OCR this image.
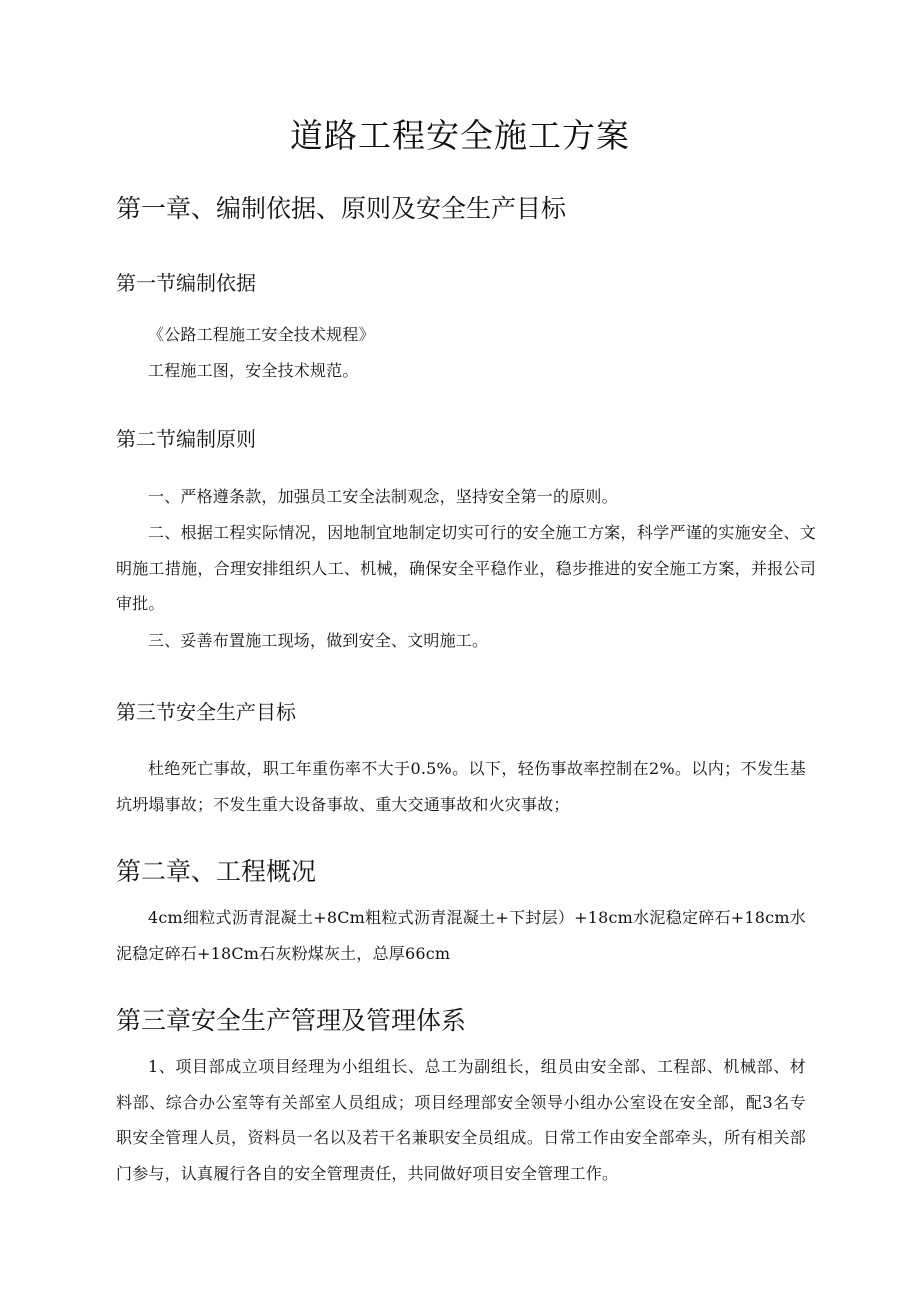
道路工程安全施工方案
第一章、编制依据、原则及安全生产目标
第一节编制依据

《公路工程施工安全技术规程》

工程施工图，安全技术规范。

第二节编制原则

一、严格遵条款，加强员工安全法制观念，坚持安全第一的原则。

二、根据工程实际情况，因地制宜地制定切实可行的安全施工方案，科学严谨的实施安全、文明施工措施，合理安排组织人工、机械，确保安全平稳作业，稳步推进的安全施工方案，并报公司审批。

三、妥善布置施工现场，做到安全、文明施工。

第三节安全生产目标

杜绝死亡事故，职工年重伤率不大于0.5%。以下，轻伤事故率控制在2%。以内；不发生基坑坍塌事故；不发生重大设备事故、重大交通事故和火灾事故；

第二章、工程概况

4cm细粒式沥青混凝土+8Cm粗粒式沥青混凝土+下封层）+18cm水泥稳定碎石+18cm水泥稳定碎石+18Cm石灰粉煤灰土，总厚66cm

第三章安全生产管理及管理体系

1、项目部成立项目经理为小组组长、总工为副组长，组员由安全部、工程部、机械部、材料部、综合办公室等有关部室人员组成；项目经理部安全领导小组办公室设在安全部，配3名专职安全管理人员，资料员一名以及若干名兼职安全员组成。日常工作由安全部牵头，所有相关部门参与，认真履行各自的安全管理责任，共同做好项目安全管理工作。
